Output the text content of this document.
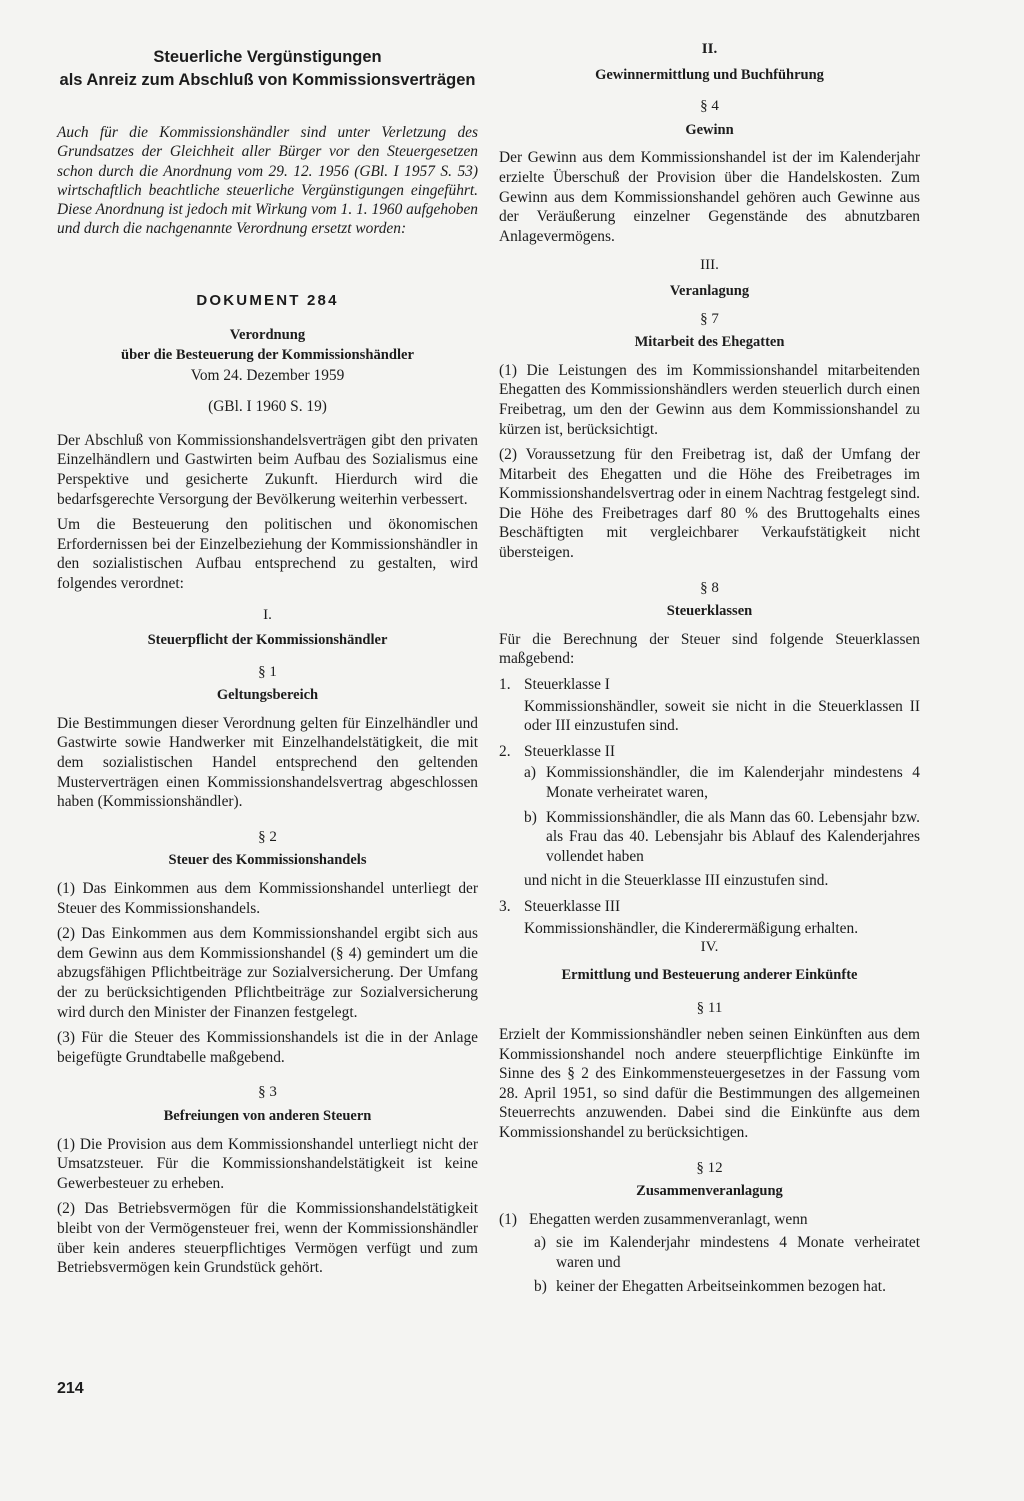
Steuerliche Vergünstigungen
als Anreiz zum Abschluß von Kommissionsverträgen

Auch für die Kommissionshändler sind unter Verletzung des Grundsatzes der Gleichheit aller Bürger vor den Steuergesetzen schon durch die Anordnung vom 29. 12. 1956 (GBl. I 1957 S. 53) wirtschaftlich beachtliche steuerliche Vergünstigungen eingeführt. Diese Anordnung ist jedoch mit Wirkung vom 1. 1. 1960 aufgehoben und durch die nachgenannte Verordnung ersetzt worden:

DOKUMENT 284
Verordnung
über die Besteuerung der Kommissionshändler
Vom 24. Dezember 1959
(GBl. I 1960 S. 19)

Der Abschluß von Kommissionshandelsverträgen gibt den privaten Einzelhändlern und Gastwirten beim Aufbau des Sozialismus eine Perspektive und gesicherte Zukunft. Hierdurch wird die bedarfsgerechte Versorgung der Bevölkerung weiterhin verbessert.

Um die Besteuerung den politischen und ökonomischen Erfordernissen bei der Einzelbeziehung der Kommissionshändler in den sozialistischen Aufbau entsprechend zu gestalten, wird folgendes verordnet:

I.
Steuerpflicht der Kommissionshändler
§ 1
Geltungsbereich

Die Bestimmungen dieser Verordnung gelten für Einzelhändler und Gastwirte sowie Handwerker mit Einzelhandelstätigkeit, die mit dem sozialistischen Handel entsprechend den geltenden Musterverträgen einen Kommissionshandelsvertrag abgeschlossen haben (Kommissionshändler).

§ 2
Steuer des Kommissionshandels

(1) Das Einkommen aus dem Kommissionshandel unterliegt der Steuer des Kommissionshandels.

(2) Das Einkommen aus dem Kommissionshandel ergibt sich aus dem Gewinn aus dem Kommissionshandel (§ 4) gemindert um die abzugsfähigen Pflichtbeiträge zur Sozialversicherung. Der Umfang der zu berücksichtigenden Pflichtbeiträge zur Sozialversicherung wird durch den Minister der Finanzen festgelegt.

(3) Für die Steuer des Kommissionshandels ist die in der Anlage beigefügte Grundtabelle maßgebend.

§ 3
Befreiungen von anderen Steuern

(1) Die Provision aus dem Kommissionshandel unterliegt nicht der Umsatzsteuer. Für die Kommissionshandelstätigkeit ist keine Gewerbesteuer zu erheben.

(2) Das Betriebsvermögen für die Kommissionshandelstätigkeit bleibt von der Vermögensteuer frei, wenn der Kommissionshändler über kein anderes steuerpflichtiges Vermögen verfügt und zum Betriebsvermögen kein Grundstück gehört.

II.
Gewinnermittlung und Buchführung
§ 4
Gewinn

Der Gewinn aus dem Kommissionshandel ist der im Kalenderjahr erzielte Überschuß der Provision über die Handelskosten. Zum Gewinn aus dem Kommissionshandel gehören auch Gewinne aus der Veräußerung einzelner Gegenstände des abnutzbaren Anlagevermögens.

III.
Veranlagung
§ 7
Mitarbeit des Ehegatten

(1) Die Leistungen des im Kommissionshandel mitarbeitenden Ehegatten des Kommissionshändlers werden steuerlich durch einen Freibetrag, um den der Gewinn aus dem Kommissionshandel zu kürzen ist, berücksichtigt.

(2) Voraussetzung für den Freibetrag ist, daß der Umfang der Mitarbeit des Ehegatten und die Höhe des Freibetrages im Kommissionshandelsvertrag oder in einem Nachtrag festgelegt sind. Die Höhe des Freibetrages darf 80 % des Bruttogehalts eines Beschäftigten mit vergleichbarer Verkaufstätigkeit nicht übersteigen.

§ 8
Steuerklassen

Für die Berechnung der Steuer sind folgende Steuerklassen maßgebend:

1. Steuerklasse I

Kommissionshändler, soweit sie nicht in die Steuerklassen II oder III einzustufen sind.

2. Steuerklasse II

a) Kommissionshändler, die im Kalenderjahr mindestens 4 Monate verheiratet waren,

b) Kommissionshändler, die als Mann das 60. Lebensjahr bzw. als Frau das 40. Lebensjahr bis Ablauf des Kalenderjahres vollendet haben

und nicht in die Steuerklasse III einzustufen sind.

3. Steuerklasse III

Kommissionshändler, die Kinderermäßigung erhalten.

IV.
Ermittlung und Besteuerung anderer Einkünfte
§ 11

Erzielt der Kommissionshändler neben seinen Einkünften aus dem Kommissionshandel noch andere steuerpflichtige Einkünfte im Sinne des § 2 des Einkommensteuergesetzes in der Fassung vom 28. April 1951, so sind dafür die Bestimmungen des allgemeinen Steuerrechts anzuwenden. Dabei sind die Einkünfte aus dem Kommissionshandel zu berücksichtigen.

§ 12
Zusammenveranlagung
(1) Ehegatten werden zusammenveranlagt, wenn

a) sie im Kalenderjahr mindestens 4 Monate verheiratet waren und

b) keiner der Ehegatten Arbeitseinkommen bezogen hat.

214
